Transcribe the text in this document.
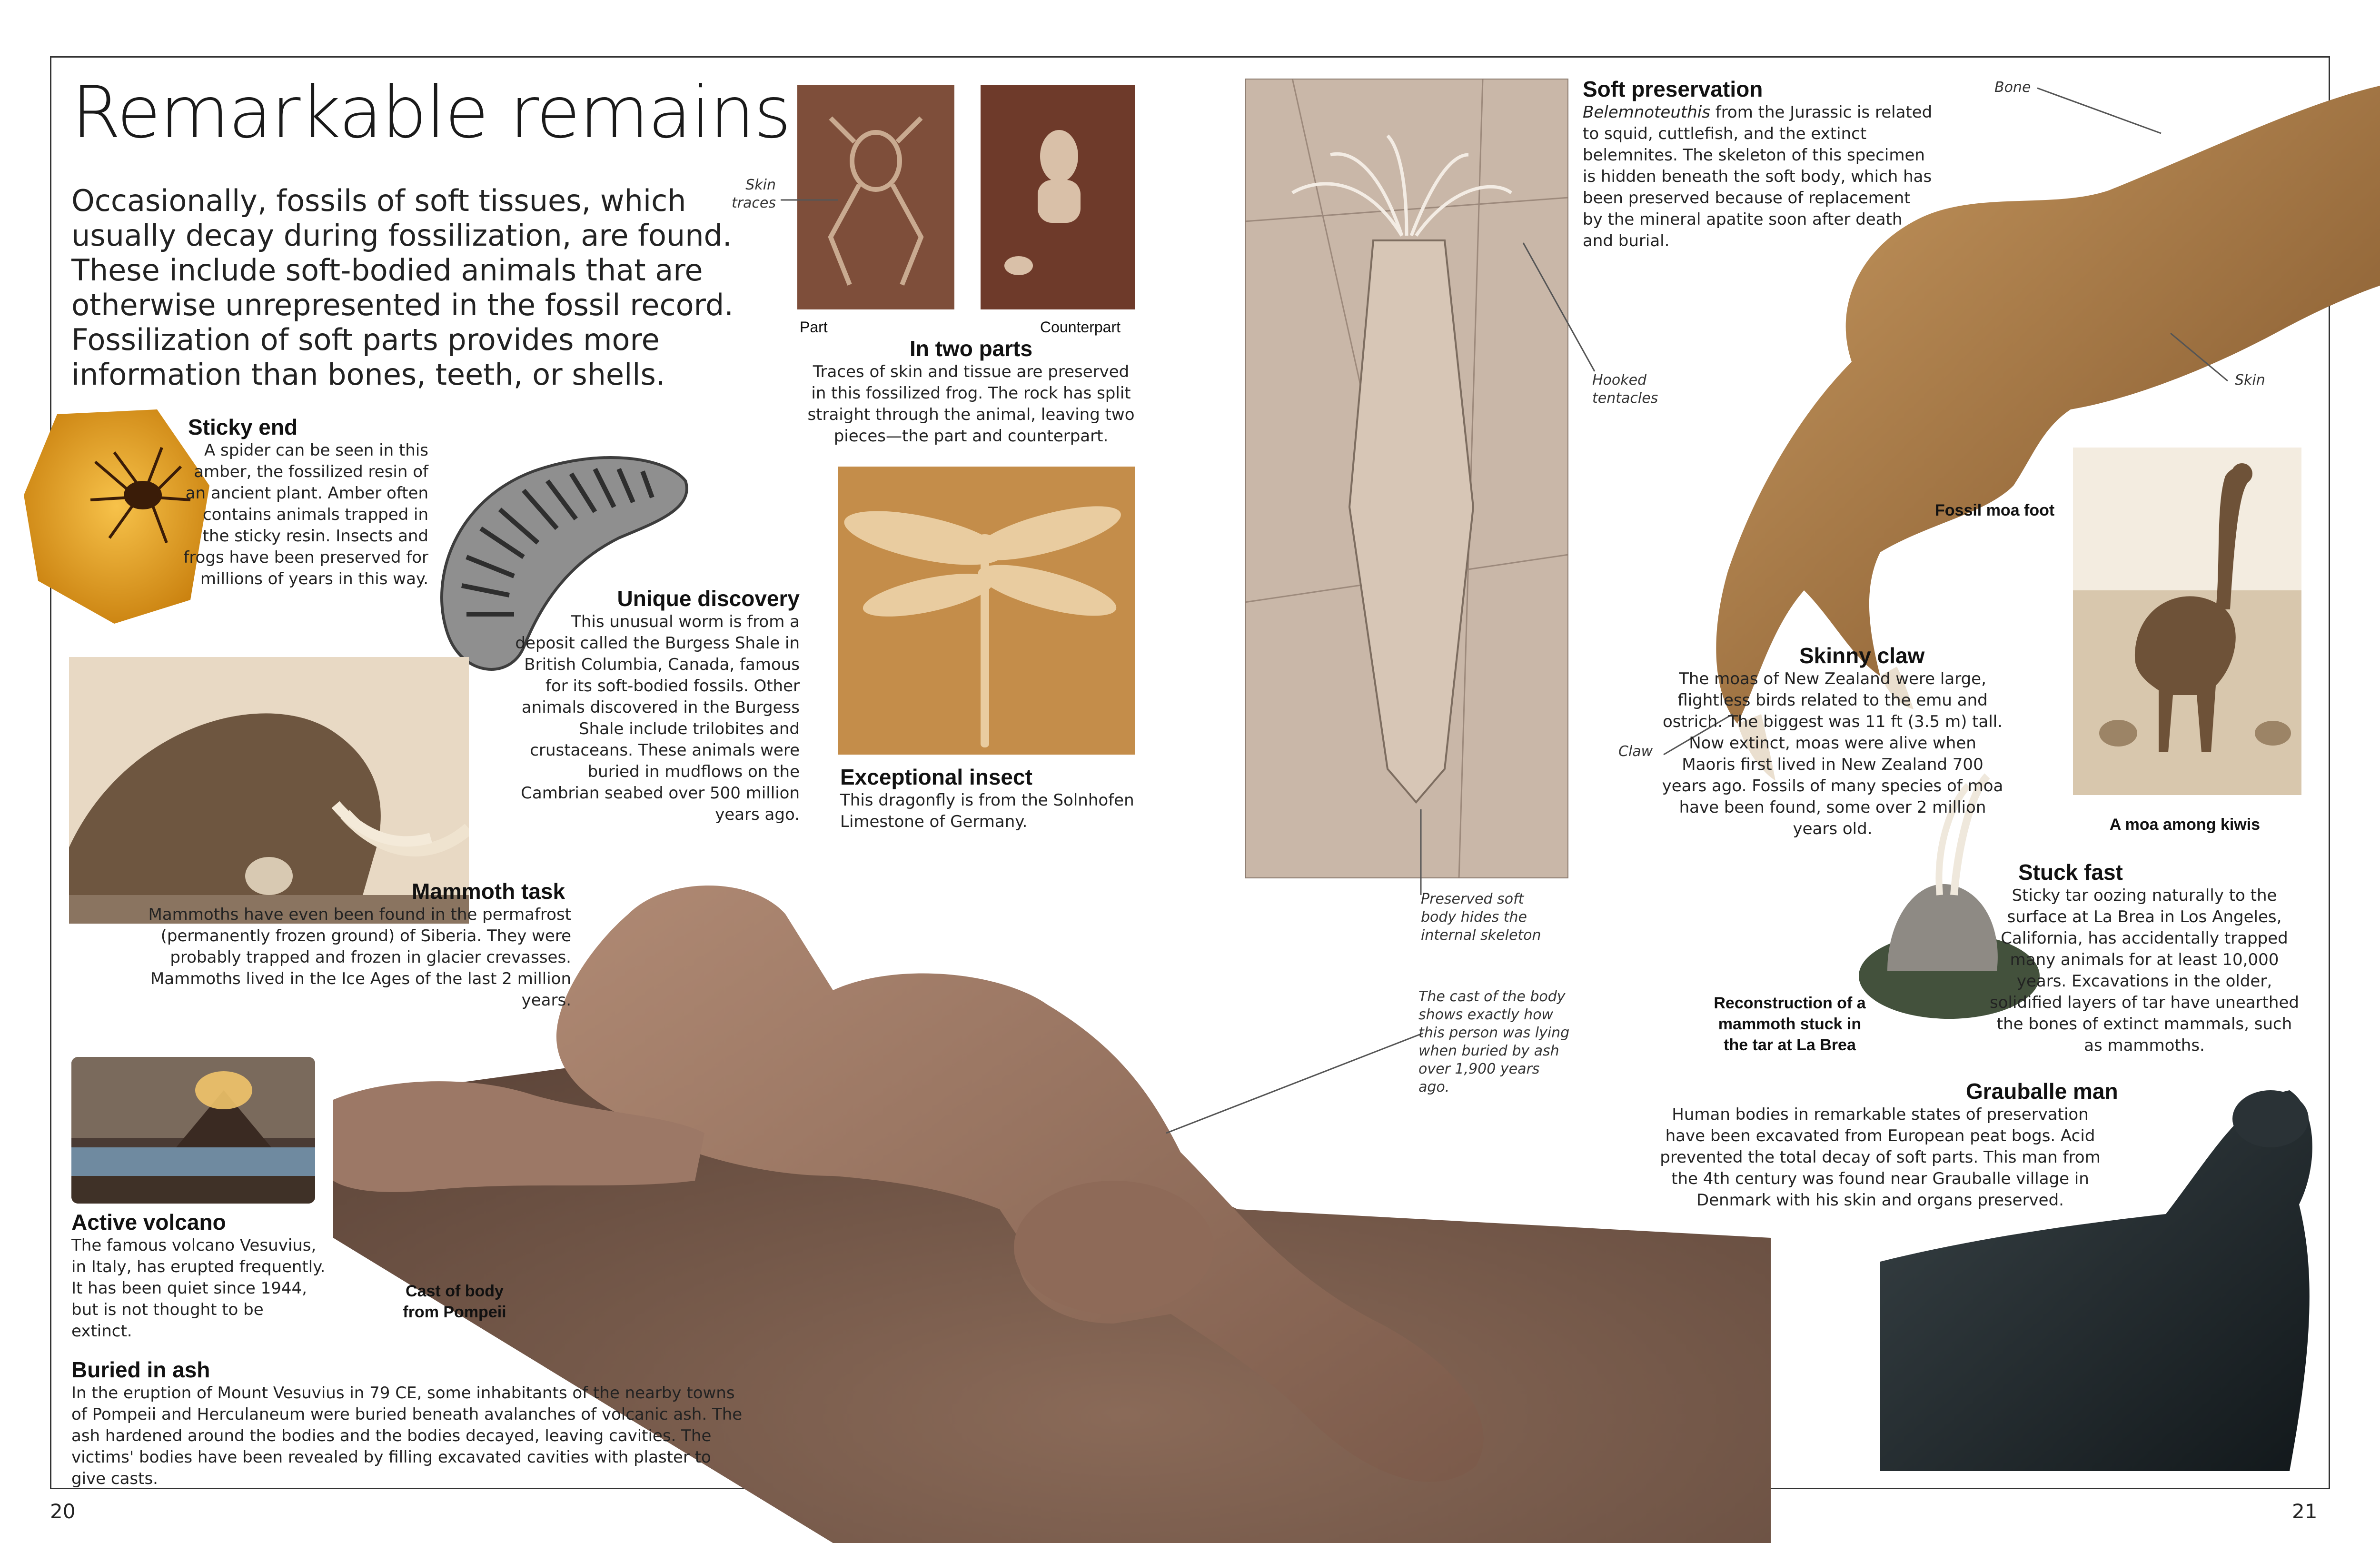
Remarkable remains
Occasionally, fossils of soft tissues, which usually decay during fossilization, are found. These include soft-bodied animals that are otherwise unrepresented in the fossil record. Fossilization of soft parts provides more information than bones, teeth, or shells.
Sticky end
A spider can be seen in this amber, the fossilized resin of an ancient plant. Amber often contains animals trapped in the sticky resin. Insects and frogs have been preserved for millions of years in this way.
Unique discovery
This unusual worm is from a deposit called the Burgess Shale in British Columbia, Canada, famous for its soft-bodied fossils. Other animals discovered in the Burgess Shale include trilobites and crustaceans. These animals were buried in mudflows on the Cambrian seabed over 500 million years ago.
Skin traces
Part	Counterpart
In two parts
Traces of skin and tissue are preserved in this fossilized frog. The rock has split straight through the animal, leaving two pieces—the part and counterpart.
Exceptional insect
This dragonfly is from the Solnhofen Limestone of Germany.
Mammoth task
Mammoths have even been found in the permafrost (permanently frozen ground) of Siberia. They were probably trapped and frozen in glacier crevasses. Mammoths lived in the Ice Ages of the last 2 million years.
Active volcano
The famous volcano Vesuvius, in Italy, has erupted frequently. It has been quiet since 1944, but is not thought to be extinct.
Cast of body from Pompeii
Buried in ash
In the eruption of Mount Vesuvius in 79 CE, some inhabitants of the nearby towns of Pompeii and Herculaneum were buried beneath avalanches of volcanic ash. The ash hardened around the bodies and the bodies decayed, leaving cavities. The victims' bodies have been revealed by filling excavated cavities with plaster to give casts.
Soft preservation
Belemnoteuthis from the Jurassic is related to squid, cuttlefish, and the extinct belemnites. The skeleton of this specimen is hidden beneath the soft body, which has been preserved because of replacement by the mineral apatite soon after death and burial.
Hooked tentacles
Preserved soft body hides the internal skeleton
The cast of the body shows exactly how this person was lying when buried by ash over 1,900 years ago.
Bone
Skin
Claw
Fossil moa foot
Skinny claw
The moas of New Zealand were large, flightless birds related to the emu and ostrich. The biggest was 11 ft (3.5 m) tall. Now extinct, moas were alive when Maoris first lived in New Zealand 700 years ago. Fossils of many species of moa have been found, some over 2 million years old.	A moa among kiwis
Stuck fast
Sticky tar oozing naturally to the surface at La Brea in Los Angeles, California, has accidentally trapped many animals for at least 10,000 years. Excavations in the older, solidified layers of tar have unearthed the bones of extinct mammals, such as mammoths.
Reconstruction of a mammoth stuck in the tar at La Brea
Grauballe man
Human bodies in remarkable states of preservation have been excavated from European peat bogs. Acid prevented the total decay of soft parts. This man from the 4th century was found near Grauballe village in Denmark with his skin and organs preserved.
20	21
